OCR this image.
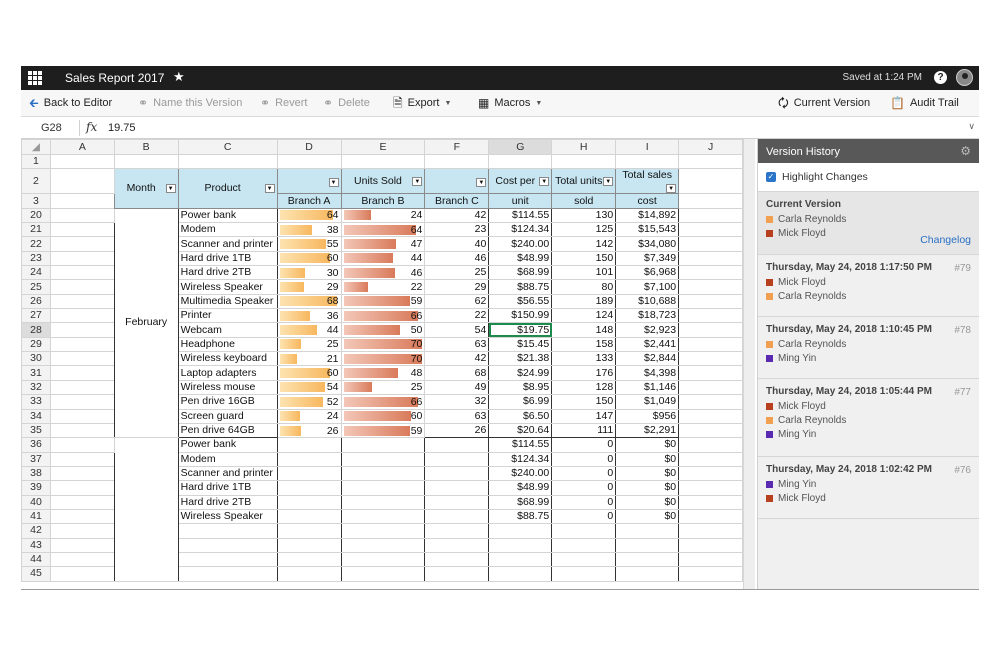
Sales Report 2017 ★	Saved at 1:24 PM	?
🡰 Back to Editor ⚭ Name this Version ⚭ Revert ⚭ Delete 🗎 Export ▼ ▦ Macros ▼	🗘 Current Version 📋 Audit Trail
G28 fx 19.75	∨
◢	A	B	C	D	E	F	G	H	I	J
1										
2		Month ▼	Product ▼	▼	Units Sold ▼	▼	Cost per ▼	Total units ▼	Total sales
▼	

3				Branch A	Branch B	Branch C	unit	sold	cost	
20		February	Power bank	64	24	42	$114.55	130	$14,892	
21			Modem	38	64	23	$124.34	125	$15,543	
22			Scanner and printer	55	47	40	$240.00	142	$34,080	
23			Hard drive 1TB	60	44	46	$48.99	150	$7,349	
24			Hard drive 2TB	30	46	25	$68.99	101	$6,968	
25			Wireless Speaker	29	22	29	$88.75	80	$7,100	
26			Multimedia Speaker	68	59	62	$56.55	189	$10,688	
27			Printer	36	66	22	$150.99	124	$18,723	
28			Webcam	44	50	54	$19.75	148	$2,923	
29			Headphone	25	70	63	$15.45	158	$2,441	
30			Wireless keyboard	21	70	42	$21.38	133	$2,844	
31			Laptop adapters	60	48	68	$24.99	176	$4,398	
32			Wireless mouse	54	25	49	$8.95	128	$1,146	
33			Pen drive 16GB	52	66	32	$6.99	150	$1,049	
34			Screen guard	24	60	63	$6.50	147	$956	
35			Pen drive 64GB	26	59	26	$20.64	111	$2,291	
36			Power bank				$114.55	0	$0	
37			Modem				$124.34	0	$0	
38			Scanner and printer				$240.00	0	$0	
39			Hard drive 1TB				$48.99	0	$0	
40			Hard drive 2TB				$68.99	0	$0	
41			Wireless Speaker				$88.75	0	$0	
42										
43										
44										
45										
Version History	⚙
✓ Highlight Changes
Current Version
Carla Reynolds
Mick Floyd
Changelog
Thursday, May 24, 2018 1:17:50 PM	#79
Mick Floyd
Carla Reynolds
Thursday, May 24, 2018 1:10:45 PM	#78
Carla Reynolds
Ming Yin
Thursday, May 24, 2018 1:05:44 PM	#77
Mick Floyd
Carla Reynolds
Ming Yin
Thursday, May 24, 2018 1:02:42 PM	#76
Ming Yin
Mick Floyd
